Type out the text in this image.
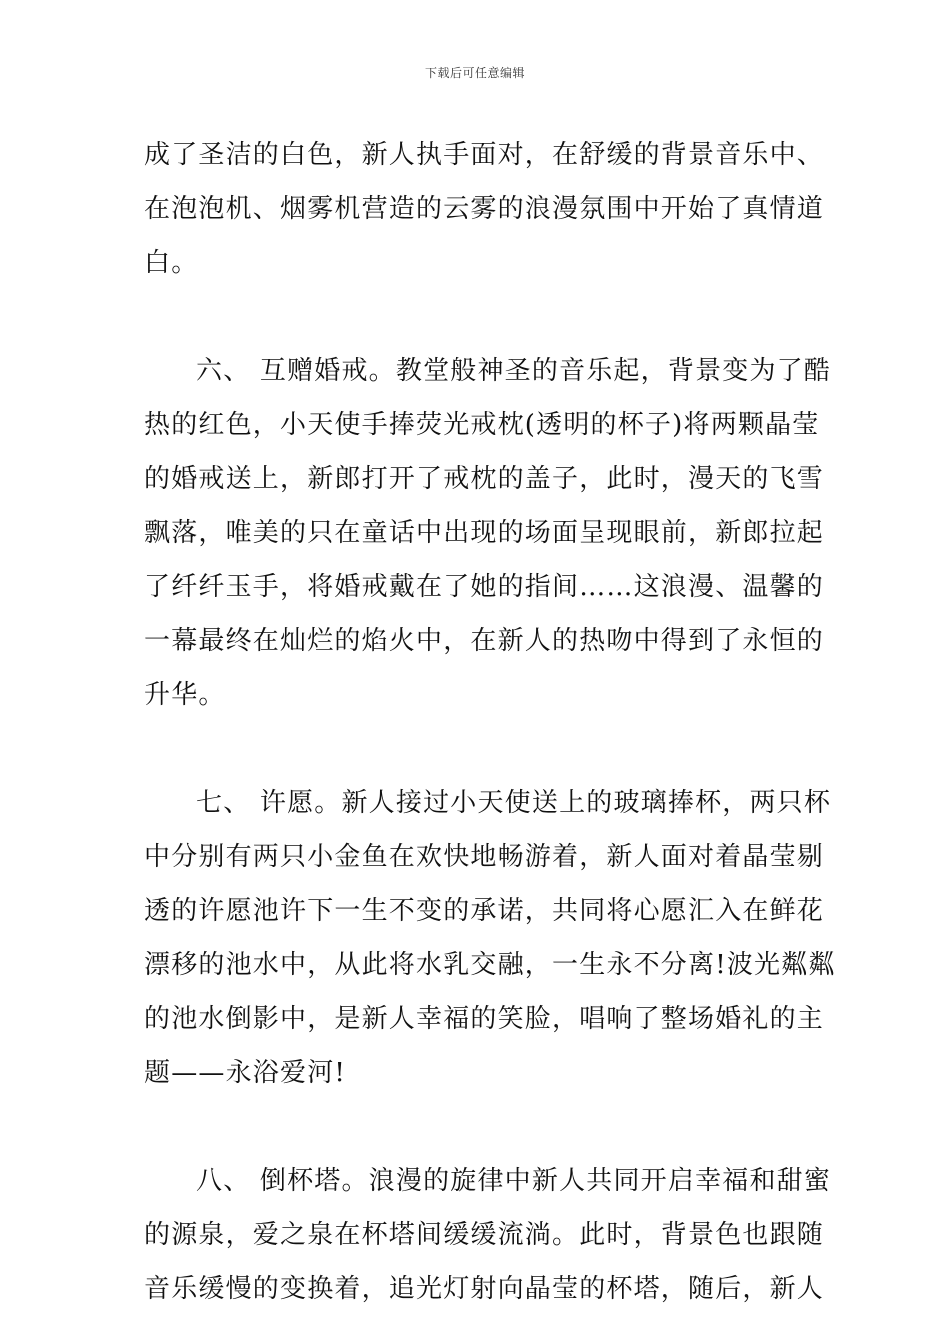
下载后可任意编辑
成了圣洁的白色，新人执手面对，在舒缓的背景音乐中、
在泡泡机、烟雾机营造的云雾的浪漫氛围中开始了真情道
白。
六、 互赠婚戒。教堂般神圣的音乐起，背景变为了酷
热的红色，小天使手捧荧光戒枕(透明的杯子)将两颗晶莹
的婚戒送上，新郎打开了戒枕的盖子，此时，漫天的飞雪
飘落，唯美的只在童话中出现的场面呈现眼前，新郎拉起
了纤纤玉手，将婚戒戴在了她的指间……这浪漫、温馨的
一幕最终在灿烂的焰火中，在新人的热吻中得到了永恒的
升华。
七、 许愿。新人接过小天使送上的玻璃捧杯，两只杯
中分别有两只小金鱼在欢快地畅游着，新人面对着晶莹剔
透的许愿池许下一生不变的承诺，共同将心愿汇入在鲜花
漂移的池水中，从此将水乳交融，一生永不分离!波光粼粼
的池水倒影中，是新人幸福的笑脸，唱响了整场婚礼的主
题——永浴爱河!
八、 倒杯塔。浪漫的旋律中新人共同开启幸福和甜蜜
的源泉，爱之泉在杯塔间缓缓流淌。此时，背景色也跟随
音乐缓慢的变换着，追光灯射向晶莹的杯塔，随后，新人
